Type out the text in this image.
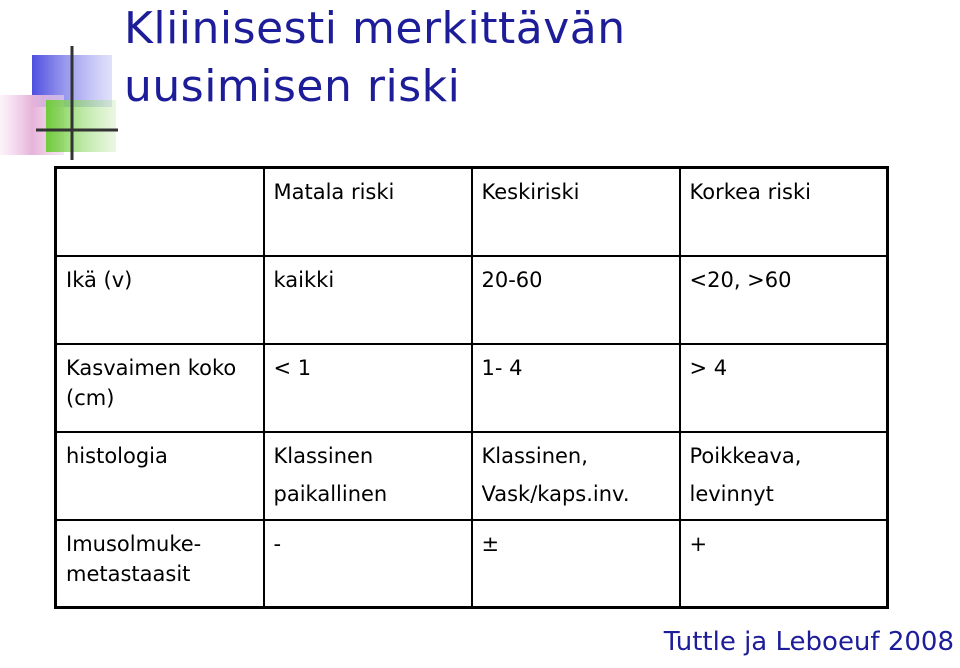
Kliinisesti merkittävän
uusimisen riski
	Matala riski	Keskiriski	Korkea riski
Ikä (v)	kaikki	20-60	<20, >60
Kasvaimen koko (cm)	< 1	1- 4	> 4
histologia	Klassinen paikallinen	Klassinen, Vask/kaps.inv.	Poikkeava, levinnyt
Imusolmuke-metastaasit	-	±	+
Tuttle ja Leboeuf 2008
